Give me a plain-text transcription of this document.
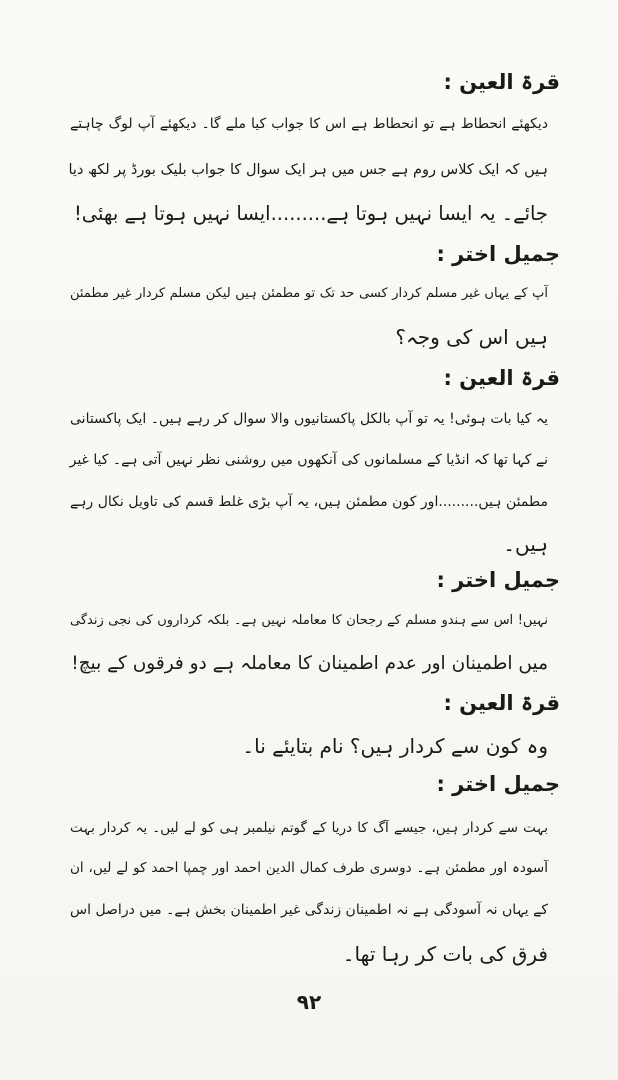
قرۃ العین :
دیکھئے انحطاط ہے تو انحطاط ہے اس کا جواب کیا ملے گا۔ دیکھئے آپ لوگ چاہتے
ہیں کہ ایک کلاس روم ہے جس میں ہر ایک سوال کا جواب بلیک بورڈ پر لکھ دیا
جائے۔ یہ ایسا نہیں ہوتا ہے.........ایسا نہیں ہوتا ہے بھئی!
جمیل اختر :
آپ کے یہاں غیر مسلم کردار کسی حد تک تو مطمئن ہیں لیکن مسلم کردار غیر مطمئن
ہیں اس کی وجہ؟
قرۃ العین :
یہ کیا بات ہوئی! یہ تو آپ بالکل پاکستانیوں والا سوال کر رہے ہیں۔ ایک پاکستانی
نے کہا تھا کہ انڈیا کے مسلمانوں کی آنکھوں میں روشنی نظر نہیں آتی ہے۔ کیا غیر
مطمئن ہیں.........اور کون مطمئن ہیں، یہ آپ بڑی غلط قسم کی تاویل نکال رہے
ہیں۔
جمیل اختر :
نہیں! اس سے ہندو مسلم کے رجحان کا معاملہ نہیں ہے۔ بلکہ کرداروں کی نجی زندگی
میں اطمینان اور عدم اطمینان کا معاملہ ہے دو فرقوں کے بیچ!
قرۃ العین :
وہ کون سے کردار ہیں؟ نام بتایئے نا۔
جمیل اختر :
بہت سے کردار ہیں، جیسے آگ کا دریا کے گوتم نیلمبر ہی کو لے لیں۔ یہ کردار بہت
آسودہ اور مطمئن ہے۔ دوسری طرف کمال الدین احمد اور چمپا احمد کو لے لیں، ان
کے یہاں نہ آسودگی ہے نہ اطمینان زندگی غیر اطمینان بخش ہے۔ میں دراصل اس
فرق کی بات کر رہا تھا۔
۹۲
